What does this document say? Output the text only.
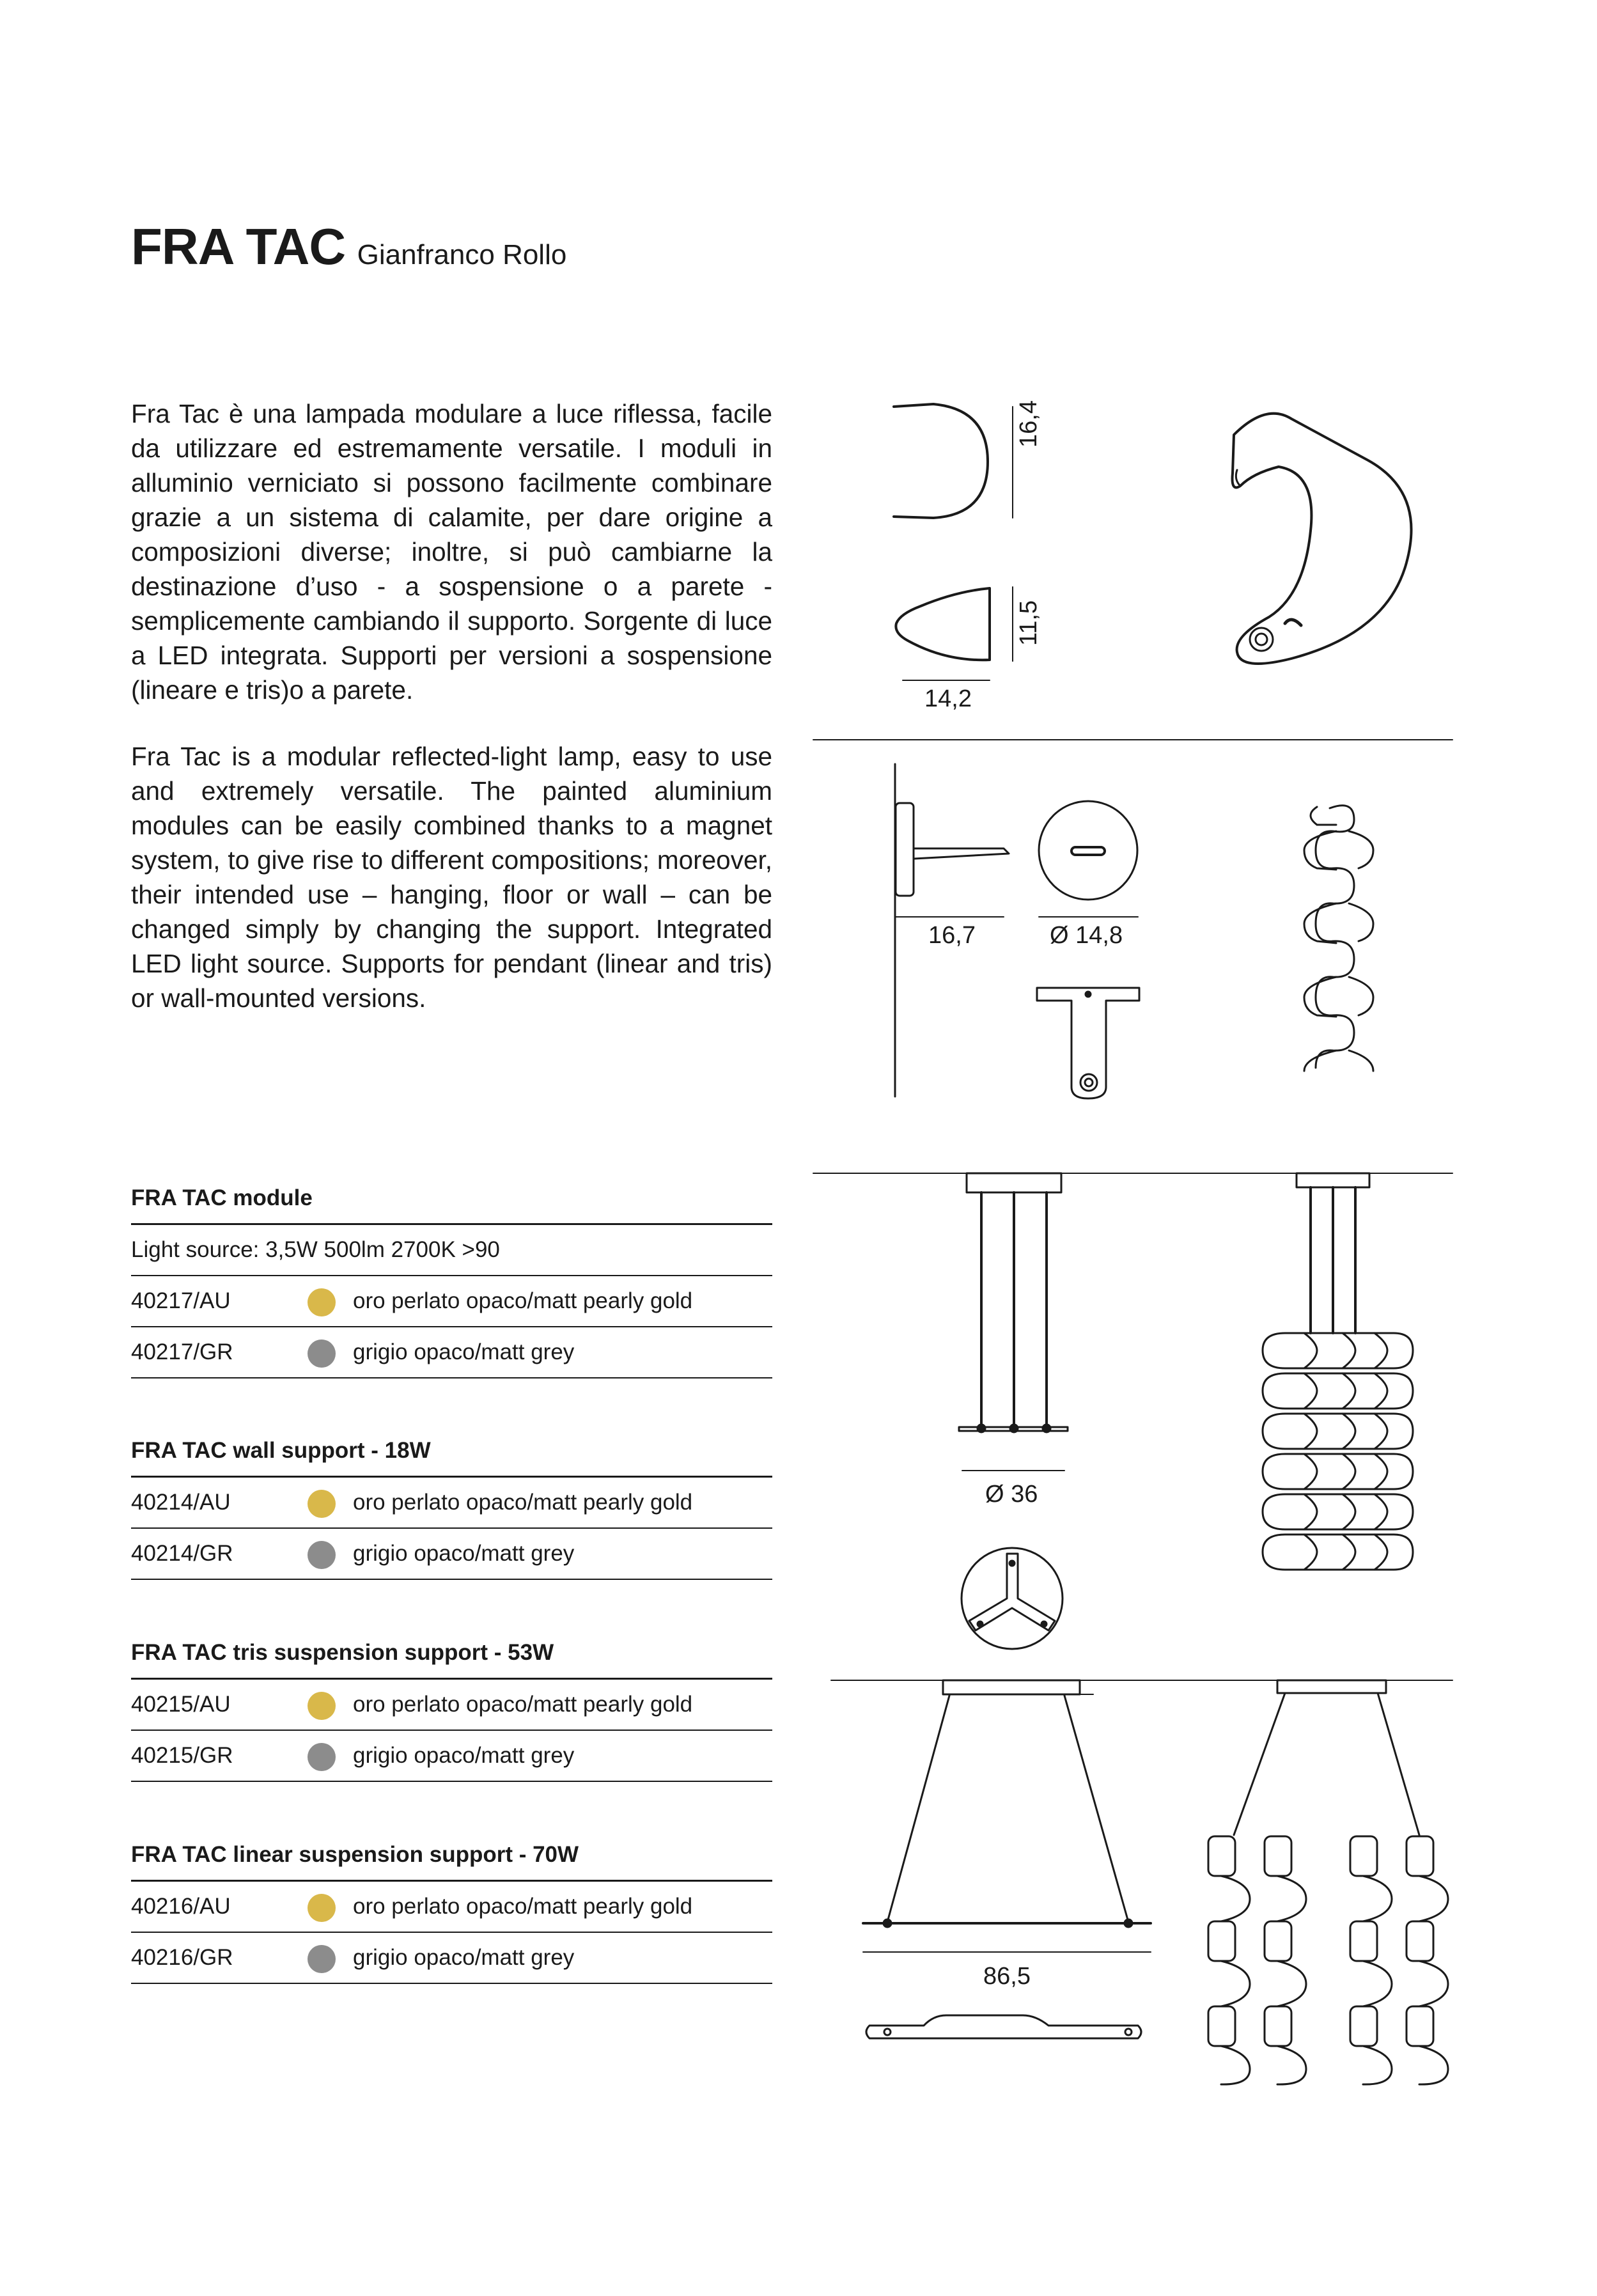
FRA TAC Gianfranco Rollo

Fra Tac è una lampada modulare a luce riflessa, facile da utilizzare ed estremamente versatile. I moduli in alluminio verniciato si possono facilmente combinare grazie a un sistema di calamite, per dare origine a composizioni diverse; inoltre, si può cambiarne la destinazione d’uso - a sospensione o a parete - semplicemente cambiando il supporto. Sorgente di luce a LED integrata. Supporti per versioni a sospensione (lineare e tris)o a parete.

Fra Tac is a modular reflected-light lamp, easy to use and extremely versatile. The painted aluminium modules can be easily combined thanks to a magnet system, to give rise to different compositions; moreover, their intended use – hanging, floor or wall – can be changed simply by changing the support. Integrated LED light source. Supports for pendant (linear and tris) or wall-mounted versions.

FRA TAC module
Light source: 3,5W 500lm 2700K >90
40217/AU	oro perlato opaco/matt pearly gold
40217/GR	grigio opaco/matt grey
FRA TAC wall support - 18W
40214/AU	oro perlato opaco/matt pearly gold
40214/GR	grigio opaco/matt grey
FRA TAC tris suspension support - 53W
40215/AU	oro perlato opaco/matt pearly gold
40215/GR	grigio opaco/matt grey
FRA TAC linear suspension support - 70W
40216/AU	oro perlato opaco/matt pearly gold
40216/GR	grigio opaco/matt grey
16,4
11,5
14,2
16,7	Ø 14,8
Ø 36
86,5
